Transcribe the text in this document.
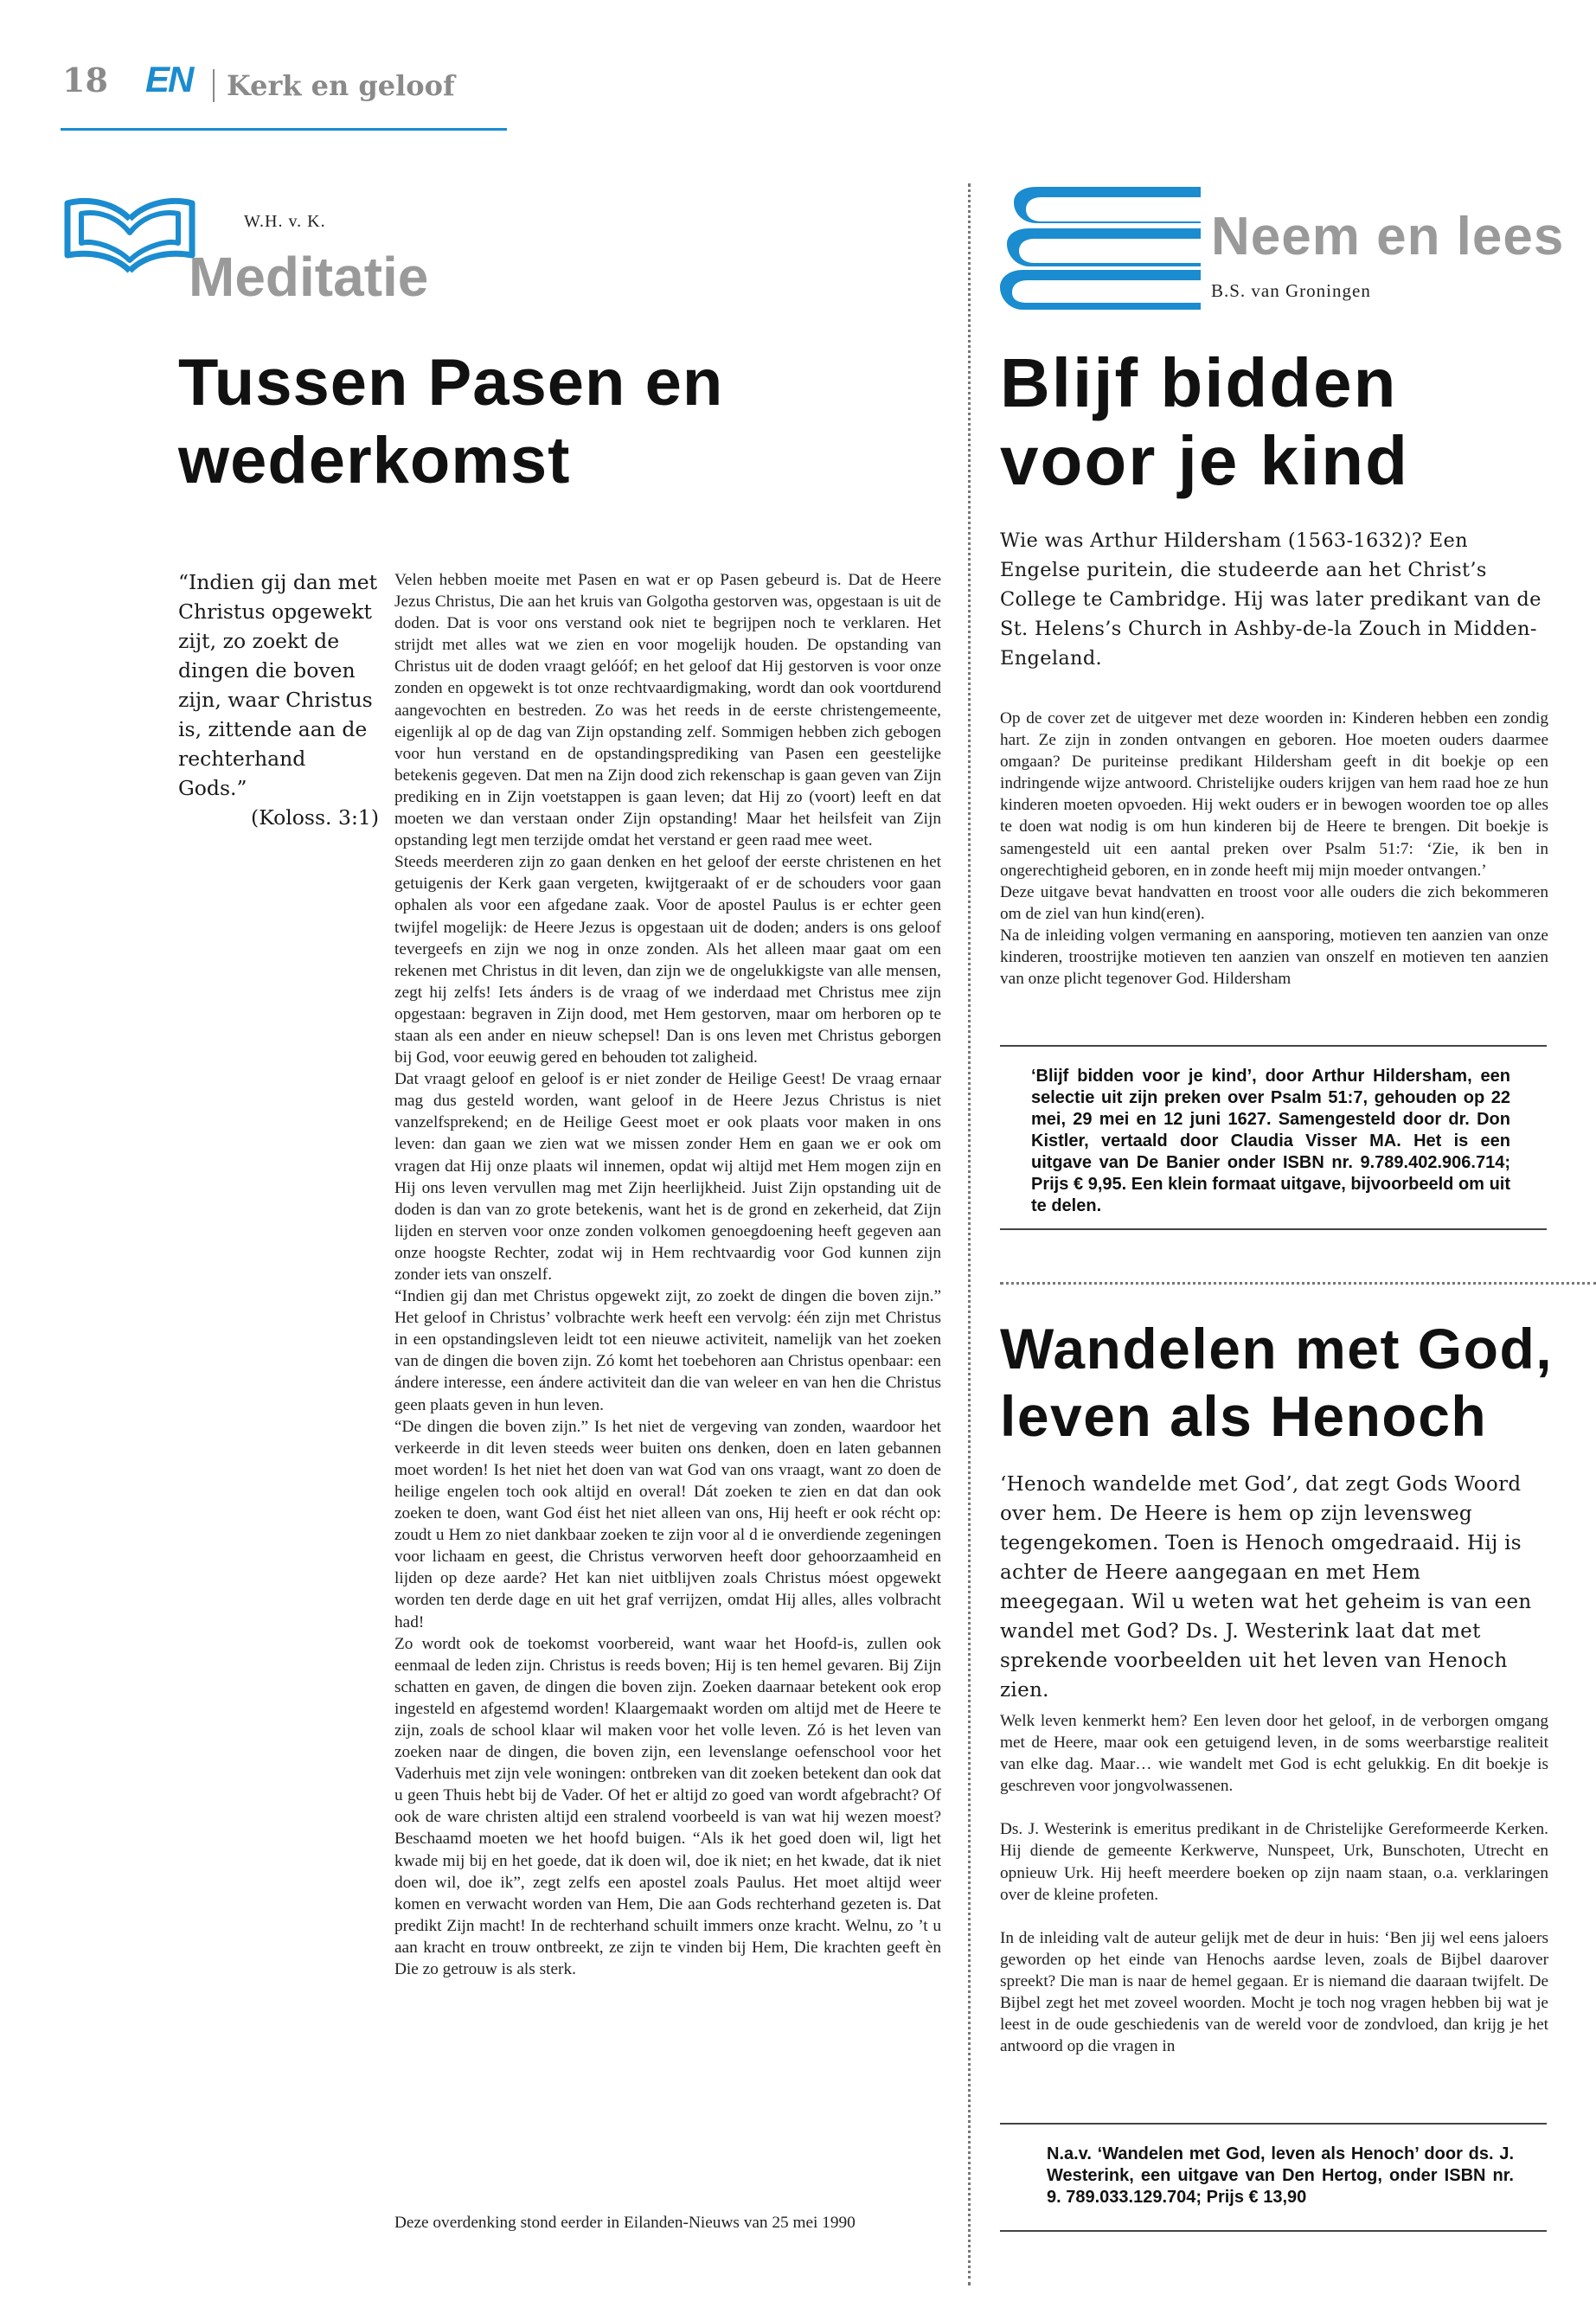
18 EN Kerk en geloof
W.H. v. K.
Meditatie
Tussen Pasen en wederkomst
“Indien gij dan met Christus opgewekt zijt, zo zoekt de dingen die boven zijn, waar Christus is, zittende aan de rechterhand Gods.”
(Koloss. 3:1)

Velen hebben moeite met Pasen en wat er op Pasen gebeurd is. Dat de Heere Jezus Christus, Die aan het kruis van Golgotha gestorven was, opgestaan is uit de doden. Dat is voor ons verstand ook niet te begrijpen noch te verklaren. Het strijdt met alles wat we zien en voor mogelijk houden. De opstanding van Christus uit de doden vraagt gelóóf; en het geloof dat Hij gestorven is voor onze zonden en opgewekt is tot onze rechtvaardigmaking, wordt dan ook voortdurend aangevochten en bestreden. Zo was het reeds in de eerste christengemeente, eigenlijk al op de dag van Zijn opstanding zelf. Sommigen hebben zich gebogen voor hun verstand en de opstandingsprediking van Pasen een geestelijke betekenis gegeven. Dat men na Zijn dood zich rekenschap is gaan geven van Zijn prediking en in Zijn voetstappen is gaan leven; dat Hij zo (voort) leeft en dat moeten we dan verstaan onder Zijn opstanding! Maar het heilsfeit van Zijn opstanding legt men terzijde omdat het verstand er geen raad mee weet.

Steeds meerderen zijn zo gaan denken en het geloof der eerste christenen en het getuigenis der Kerk gaan vergeten, kwijtgeraakt of er de schouders voor gaan ophalen als voor een afgedane zaak. Voor de apostel Paulus is er echter geen twijfel mogelijk: de Heere Jezus is opgestaan uit de doden; anders is ons geloof tevergeefs en zijn we nog in onze zonden. Als het alleen maar gaat om een rekenen met Christus in dit leven, dan zijn we de ongelukkigste van alle mensen, zegt hij zelfs! Iets ánders is de vraag of we inderdaad met Christus mee zijn opgestaan: begraven in Zijn dood, met Hem gestorven, maar om herboren op te staan als een ander en nieuw schepsel! Dan is ons leven met Christus geborgen bij God, voor eeuwig gered en behouden tot zaligheid.

Dat vraagt geloof en geloof is er niet zonder de Heilige Geest! De vraag ernaar mag dus gesteld worden, want geloof in de Heere Jezus Christus is niet vanzelfsprekend; en de Heilige Geest moet er ook plaats voor maken in ons leven: dan gaan we zien wat we missen zonder Hem en gaan we er ook om vragen dat Hij onze plaats wil innemen, opdat wij altijd met Hem mogen zijn en Hij ons leven vervullen mag met Zijn heerlijkheid. Juist Zijn opstanding uit de doden is dan van zo grote betekenis, want het is de grond en zekerheid, dat Zijn lijden en sterven voor onze zonden volkomen genoegdoening heeft gegeven aan onze hoogste Rechter, zodat wij in Hem rechtvaardig voor God kunnen zijn zonder iets van onszelf.

“Indien gij dan met Christus opgewekt zijt, zo zoekt de dingen die boven zijn.” Het geloof in Christus’ volbrachte werk heeft een vervolg: één zijn met Christus in een opstandingsleven leidt tot een nieuwe activiteit, namelijk van het zoeken van de dingen die boven zijn. Zó komt het toebehoren aan Christus openbaar: een ándere interesse, een ándere activiteit dan die van weleer en van hen die Christus geen plaats geven in hun leven.

“De dingen die boven zijn.” Is het niet de vergeving van zonden, waardoor het verkeerde in dit leven steeds weer buiten ons denken, doen en laten gebannen moet worden! Is het niet het doen van wat God van ons vraagt, want zo doen de heilige engelen toch ook altijd en overal! Dát zoeken te zien en dat dan ook zoeken te doen, want God éist het niet alleen van ons, Hij heeft er ook récht op: zoudt u Hem zo niet dankbaar zoeken te zijn voor al d ie onverdiende zegeningen voor lichaam en geest, die Christus verworven heeft door gehoorzaamheid en lijden op deze aarde? Het kan niet uitblijven zoals Christus móest opgewekt worden ten derde dage en uit het graf verrijzen, omdat Hij alles, alles volbracht had!

Zo wordt ook de toekomst voorbereid, want waar het Hoofd-is, zullen ook eenmaal de leden zijn. Christus is reeds boven; Hij is ten hemel gevaren. Bij Zijn schatten en gaven, de dingen die boven zijn. Zoeken daarnaar betekent ook erop ingesteld en afgestemd worden! Klaargemaakt worden om altijd met de Heere te zijn, zoals de school klaar wil maken voor het volle leven. Zó is het leven van zoeken naar de dingen, die boven zijn, een levenslange oefenschool voor het Vaderhuis met zijn vele woningen: ontbreken van dit zoeken betekent dan ook dat u geen Thuis hebt bij de Vader. Of het er altijd zo goed van wordt afgebracht? Of ook de ware christen altijd een stralend voorbeeld is van wat hij wezen moest? Beschaamd moeten we het hoofd buigen. “Als ik het goed doen wil, ligt het kwade mij bij en het goede, dat ik doen wil, doe ik niet; en het kwade, dat ik niet doen wil, doe ik”, zegt zelfs een apostel zoals Paulus. Het moet altijd weer komen en verwacht worden van Hem, Die aan Gods rechterhand gezeten is. Dat predikt Zijn macht! In de rechterhand schuilt immers onze kracht. Welnu, zo ’t u aan kracht en trouw ontbreekt, ze zijn te vinden bij Hem, Die krachten geeft èn Die zo getrouw is als sterk.

Deze overdenking stond eerder in Eilanden-Nieuws van 25 mei 1990
Neem en lees
B.S. van Groningen
Blijf bidden voor je kind
Wie was Arthur Hildersham (1563-1632)? Een Engelse puritein, die studeerde aan het Christ’s College te Cambridge. Hij was later predikant van de St. Helens’s Church in Ashby-de-la Zouch in Midden-Engeland.

Op de cover zet de uitgever met deze woorden in: Kinderen hebben een zondig hart. Ze zijn in zonden ontvangen en geboren. Hoe moeten ouders daarmee omgaan? De puriteinse predikant Hildersham geeft in dit boekje op een indringende wijze antwoord. Christelijke ouders krijgen van hem raad hoe ze hun kinderen moeten opvoeden. Hij wekt ouders er in bewogen woorden toe op alles te doen wat nodig is om hun kinderen bij de Heere te brengen. Dit boekje is samengesteld uit een aantal preken over Psalm 51:7: ‘Zie, ik ben in ongerechtigheid geboren, en in zonde heeft mij mijn moeder ontvangen.’

Deze uitgave bevat handvatten en troost voor alle ouders die zich bekommeren om de ziel van hun kind(eren).

Na de inleiding volgen vermaning en aansporing, motieven ten aanzien van onze kinderen, troostrijke motieven ten aanzien van onszelf en motieven ten aanzien van onze plicht tegenover God. Hildersham

‘Blijf bidden voor je kind’, door Arthur Hildersham, een selectie uit zijn preken over Psalm 51:7, gehouden op 22 mei, 29 mei en 12 juni 1627. Samengesteld door dr. Don Kistler, vertaald door Claudia Visser MA. Het is een uitgave van De Banier onder ISBN nr. 9.789.402.906.714; Prijs € 9,95. Een klein formaat uitgave, bijvoorbeeld om uit te delen.
Wandelen met God, leven als Henoch
‘Henoch wandelde met God’, dat zegt Gods Woord over hem. De Heere is hem op zijn levensweg tegengekomen. Toen is Henoch omgedraaid. Hij is achter de Heere aangegaan en met Hem meegegaan. Wil u weten wat het geheim is van een wandel met God? Ds. J. Westerink laat dat met sprekende voorbeelden uit het leven van Henoch zien.

Welk leven kenmerkt hem? Een leven door het geloof, in de verborgen omgang met de Heere, maar ook een getuigend leven, in de soms weerbarstige realiteit van elke dag. Maar… wie wandelt met God is echt gelukkig. En dit boekje is geschreven voor jongvolwassenen.

Ds. J. Westerink is emeritus predikant in de Christelijke Gereformeerde Kerken. Hij diende de gemeente Kerkwerve, Nunspeet, Urk, Bunschoten, Utrecht en opnieuw Urk. Hij heeft meerdere boeken op zijn naam staan, o.a. verklaringen over de kleine profeten.

In de inleiding valt de auteur gelijk met de deur in huis: ‘Ben jij wel eens jaloers geworden op het einde van Henochs aardse leven, zoals de Bijbel daarover spreekt? Die man is naar de hemel gegaan. Er is niemand die daaraan twijfelt. De Bijbel zegt het met zoveel woorden. Mocht je toch nog vragen hebben bij wat je leest in de oude geschiedenis van de wereld voor de zondvloed, dan krijg je het antwoord op die vragen in

N.a.v. ‘Wandelen met God, leven als Henoch’ door ds. J. Westerink, een uitgave van Den Hertog, onder ISBN nr. 9. 789.033.129.704; Prijs € 13,90
